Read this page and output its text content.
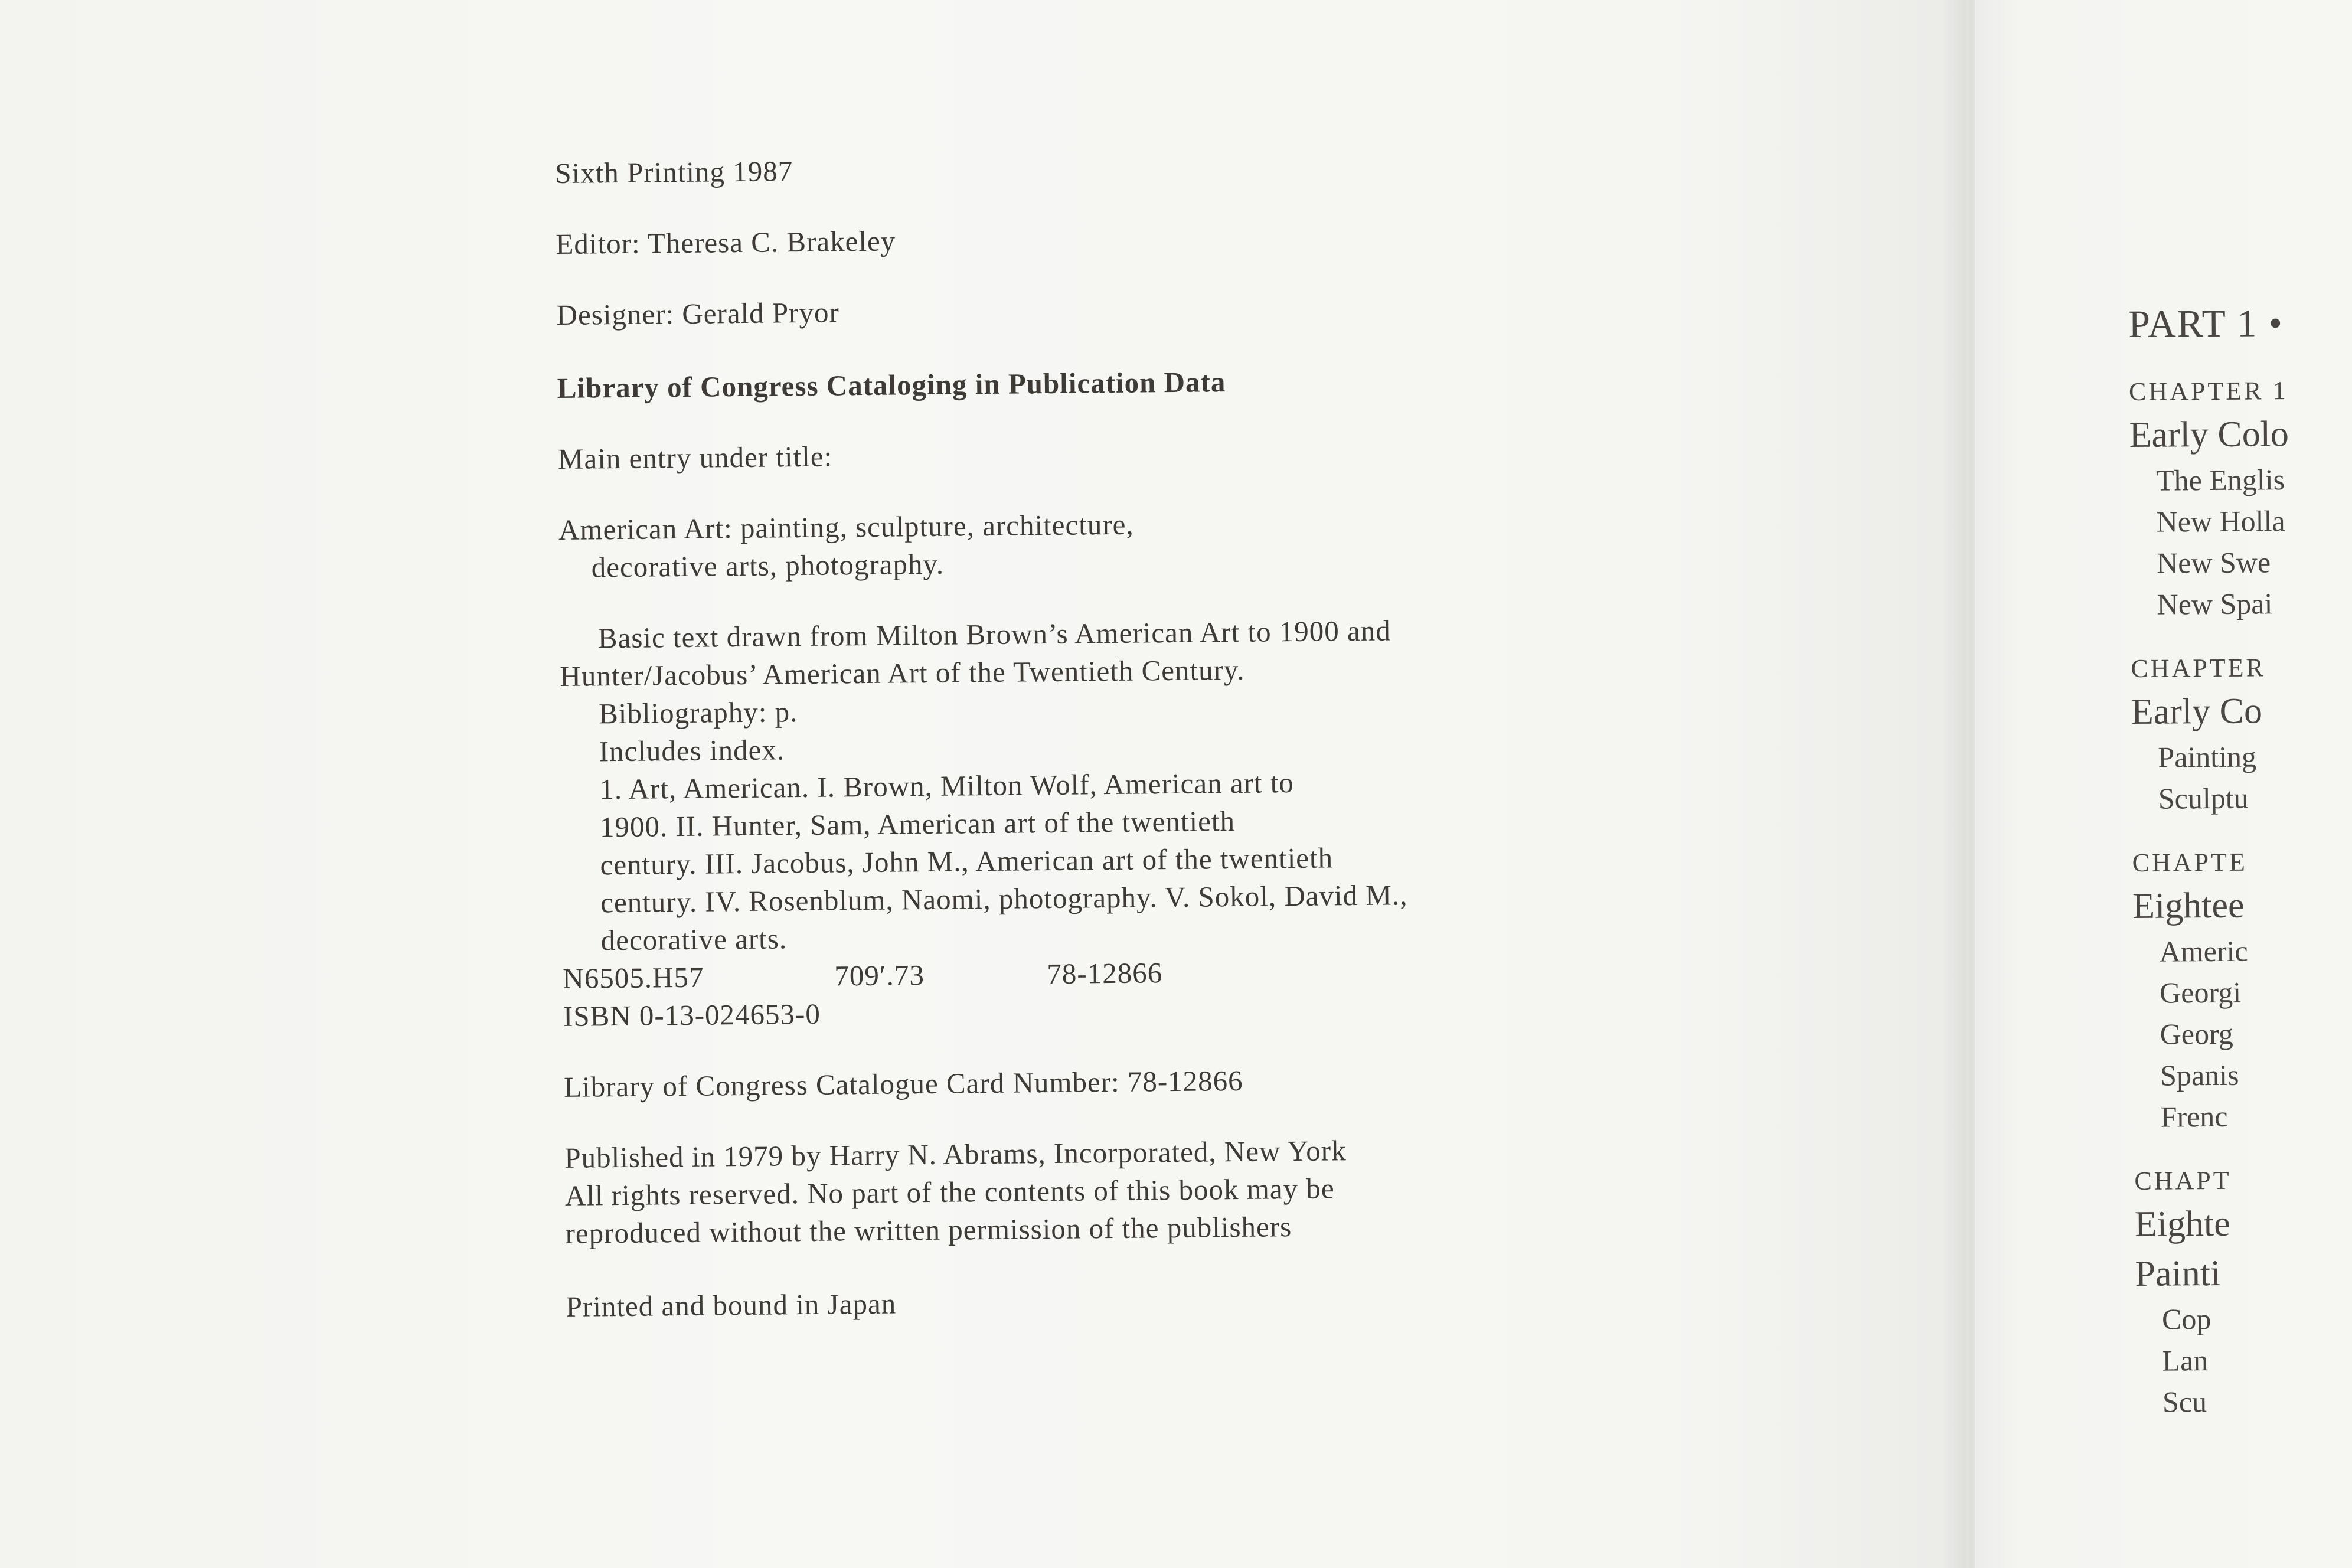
Sixth Printing 1987
Editor: Theresa C. Brakeley
Designer: Gerald Pryor
Library of Congress Cataloging in Publication Data
Main entry under title:
American Art: painting, sculpture, architecture,
decorative arts, photography.
Basic text drawn from Milton Brown’s American Art to 1900 and
Hunter/Jacobus’ American Art of the Twentieth Century.
Bibliography: p.
Includes index.
1. Art, American. I. Brown, Milton Wolf, American art to
1900. II. Hunter, Sam, American art of the twentieth
century. III. Jacobus, John M., American art of the twentieth
century. IV. Rosenblum, Naomi, photography. V. Sokol, David M.,
decorative arts.
N6505.H57	709′.73	78-12866
ISBN 0-13-024653-0
Library of Congress Catalogue Card Number: 78-12866
Published in 1979 by Harry N. Abrams, Incorporated, New York
All rights reserved. No part of the contents of this book may be
reproduced without the written permission of the publishers
Printed and bound in Japan
PART 1 •
CHAPTER 1
Early Colo
The Englis
New Holla
New Swe
New Spai
CHAPTER
Early Co
Painting
Sculptu
CHAPTE
Eightee
Americ
Georgi
Georg
Spanis
Frenc
CHAPT
Eighte
Painti
Cop
Lan
Scu
